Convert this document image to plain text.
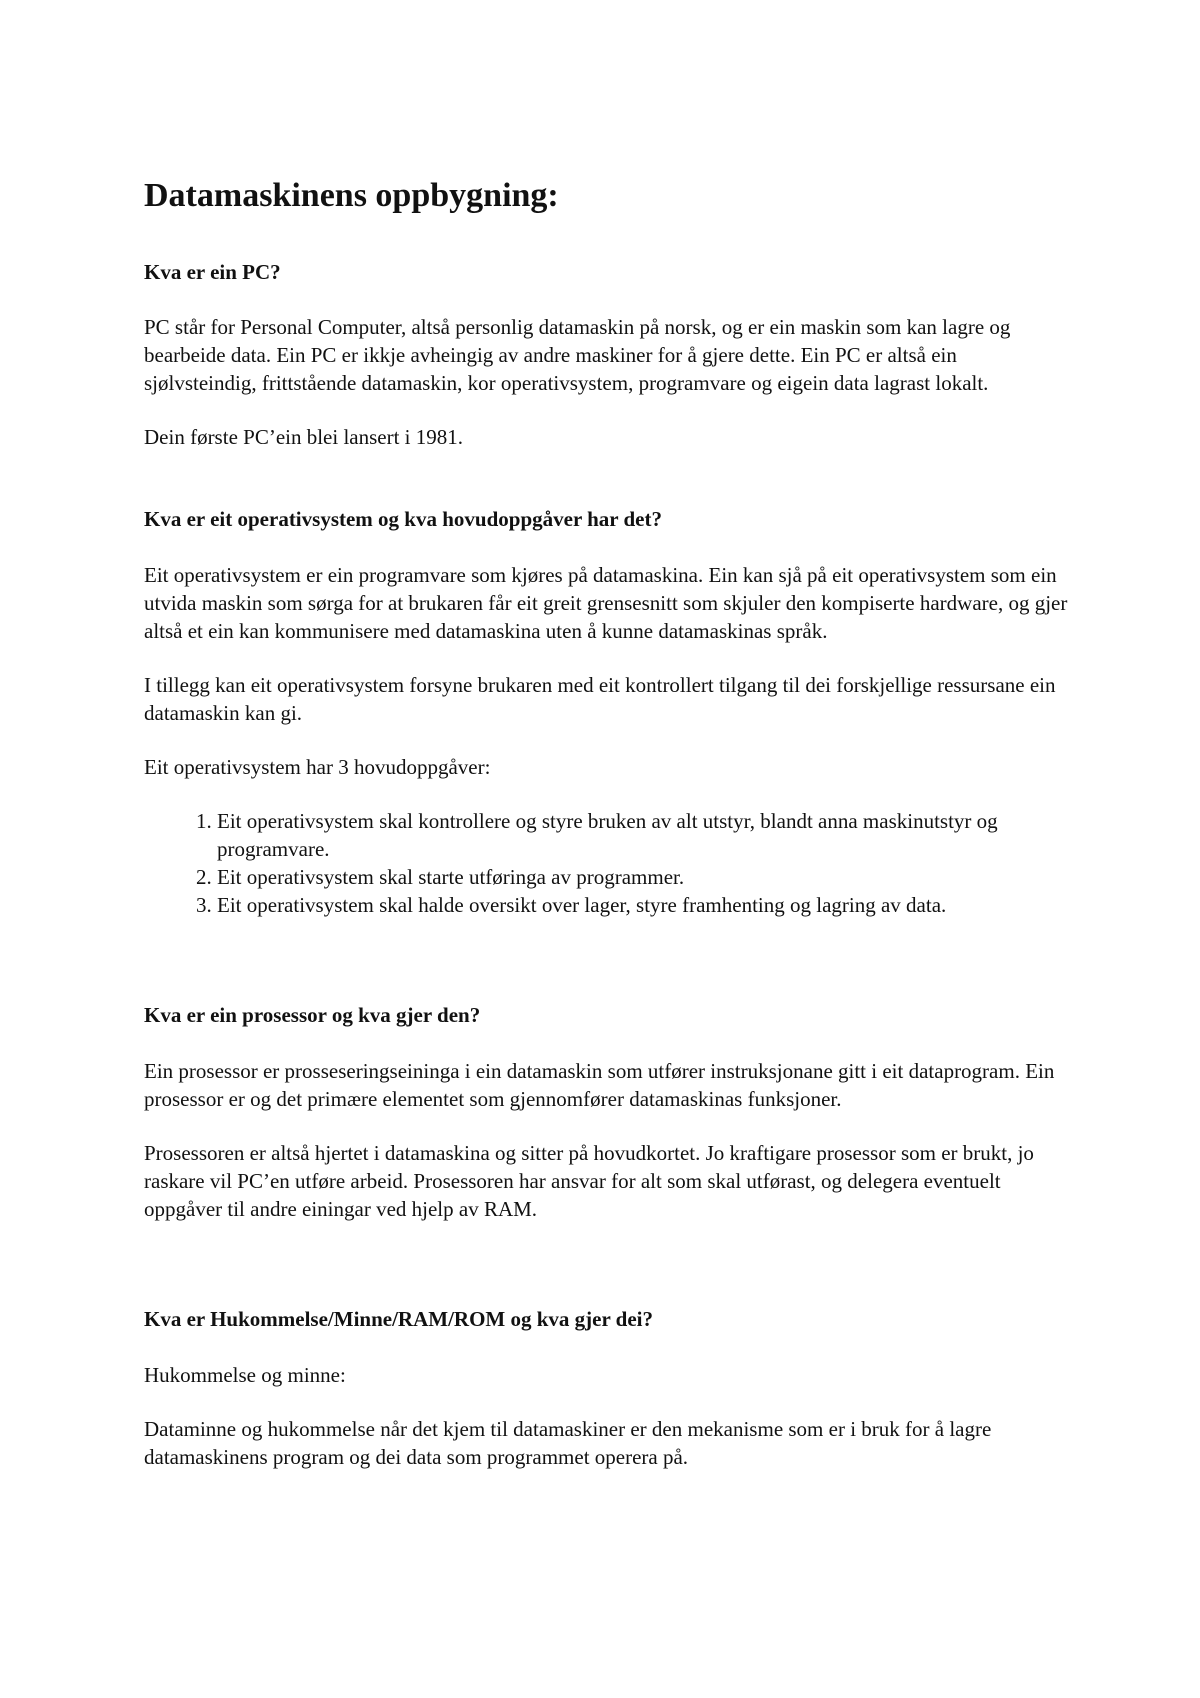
Datamaskinens oppbygning:
Kva er ein PC?

PC står for Personal Computer, altså personlig datamaskin på norsk, og er ein maskin som kan lagre og bearbeide data. Ein PC er ikkje avheingig av andre maskiner for å gjere dette. Ein PC er altså ein sjølvsteindig, frittstående datamaskin, kor operativsystem, programvare og eigein data lagrast lokalt.

Dein første PC’ein blei lansert i 1981.

Kva er eit operativsystem og kva hovudoppgåver har det?

Eit operativsystem er ein programvare som kjøres på datamaskina. Ein kan sjå på eit operativsystem som ein utvida maskin som sørga for at brukaren får eit greit grensesnitt som skjuler den kompiserte hardware, og gjer altså et ein kan kommunisere med datamaskina uten å kunne datamaskinas språk.

I tillegg kan eit operativsystem forsyne brukaren med eit kontrollert tilgang til dei forskjellige ressursane ein datamaskin kan gi.

Eit operativsystem har 3 hovudoppgåver:

1. Eit operativsystem skal kontrollere og styre bruken av alt utstyr, blandt anna maskinutstyr og programvare.
2. Eit operativsystem skal starte utføringa av programmer.
3. Eit operativsystem skal halde oversikt over lager, styre framhenting og lagring av data.
Kva er ein prosessor og kva gjer den?

Ein prosessor er prosseseringseininga i ein datamaskin som utfører instruksjonane gitt i eit dataprogram. Ein prosessor er og det primære elementet som gjennomfører datamaskinas funksjoner.

Prosessoren er altså hjertet i datamaskina og sitter på hovudkortet. Jo kraftigare prosessor som er brukt, jo raskare vil PC’en utføre arbeid. Prosessoren har ansvar for alt som skal utførast, og delegera eventuelt oppgåver til andre einingar ved hjelp av RAM.

Kva er Hukommelse/Minne/RAM/ROM og kva gjer dei?

Hukommelse og minne:

Dataminne og hukommelse når det kjem til datamaskiner er den mekanisme som er i bruk for å lagre datamaskinens program og dei data som programmet operera på.
